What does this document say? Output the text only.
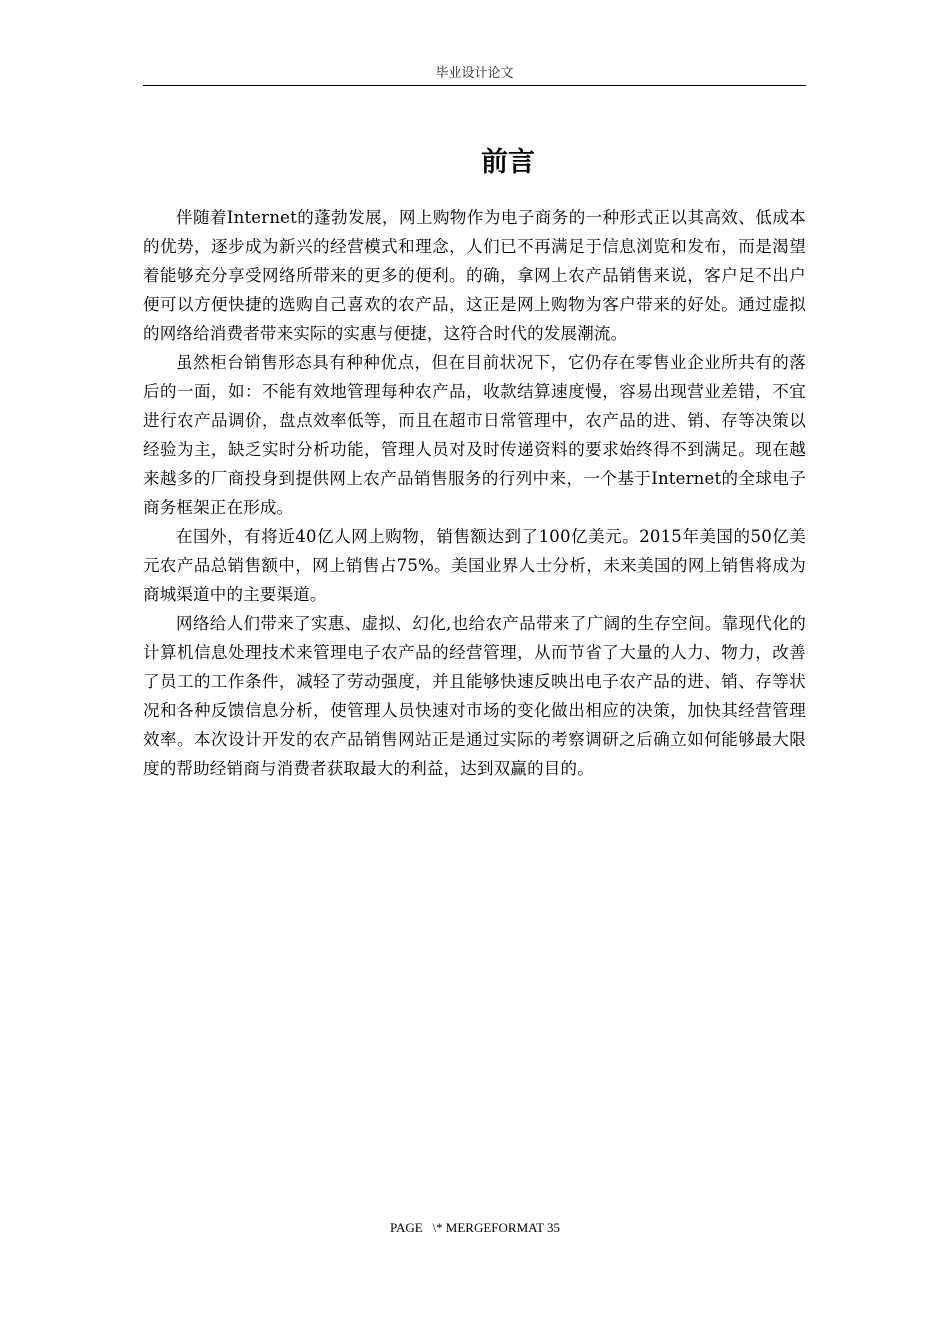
毕业设计论文
前言

伴随着Internet的蓬勃发展，网上购物作为电子商务的一种形式正以其高效、低成本的优势，逐步成为新兴的经营模式和理念，人们已不再满足于信息浏览和发布，而是渴望着能够充分享受网络所带来的更多的便利。的确，拿网上农产品销售来说，客户足不出户便可以方便快捷的选购自己喜欢的农产品，这正是网上购物为客户带来的好处。通过虚拟的网络给消费者带来实际的实惠与便捷，这符合时代的发展潮流。

虽然柜台销售形态具有种种优点，但在目前状况下，它仍存在零售业企业所共有的落后的一面，如：不能有效地管理每种农产品，收款结算速度慢，容易出现营业差错，不宜进行农产品调价，盘点效率低等，而且在超市日常管理中，农产品的进、销、存等决策以经验为主，缺乏实时分析功能，管理人员对及时传递资料的要求始终得不到满足。现在越来越多的厂商投身到提供网上农产品销售服务的行列中来，一个基于Internet的全球电子商务框架正在形成。

在国外，有将近40亿人网上购物，销售额达到了100亿美元。2015年美国的50亿美元农产品总销售额中，网上销售占75%。美国业界人士分析，未来美国的网上销售将成为商城渠道中的主要渠道。

网络给人们带来了实惠、虚拟、幻化,也给农产品带来了广阔的生存空间。靠现代化的计算机信息处理技术来管理电子农产品的经营管理，从而节省了大量的人力、物力，改善了员工的工作条件，减轻了劳动强度，并且能够快速反映出电子农产品的进、销、存等状况和各种反馈信息分析，使管理人员快速对市场的变化做出相应的决策，加快其经营管理效率。本次设计开发的农产品销售网站正是通过实际的考察调研之后确立如何能够最大限度的帮助经销商与消费者获取最大的利益，达到双赢的目的。

PAGE   \* MERGEFORMAT 35
